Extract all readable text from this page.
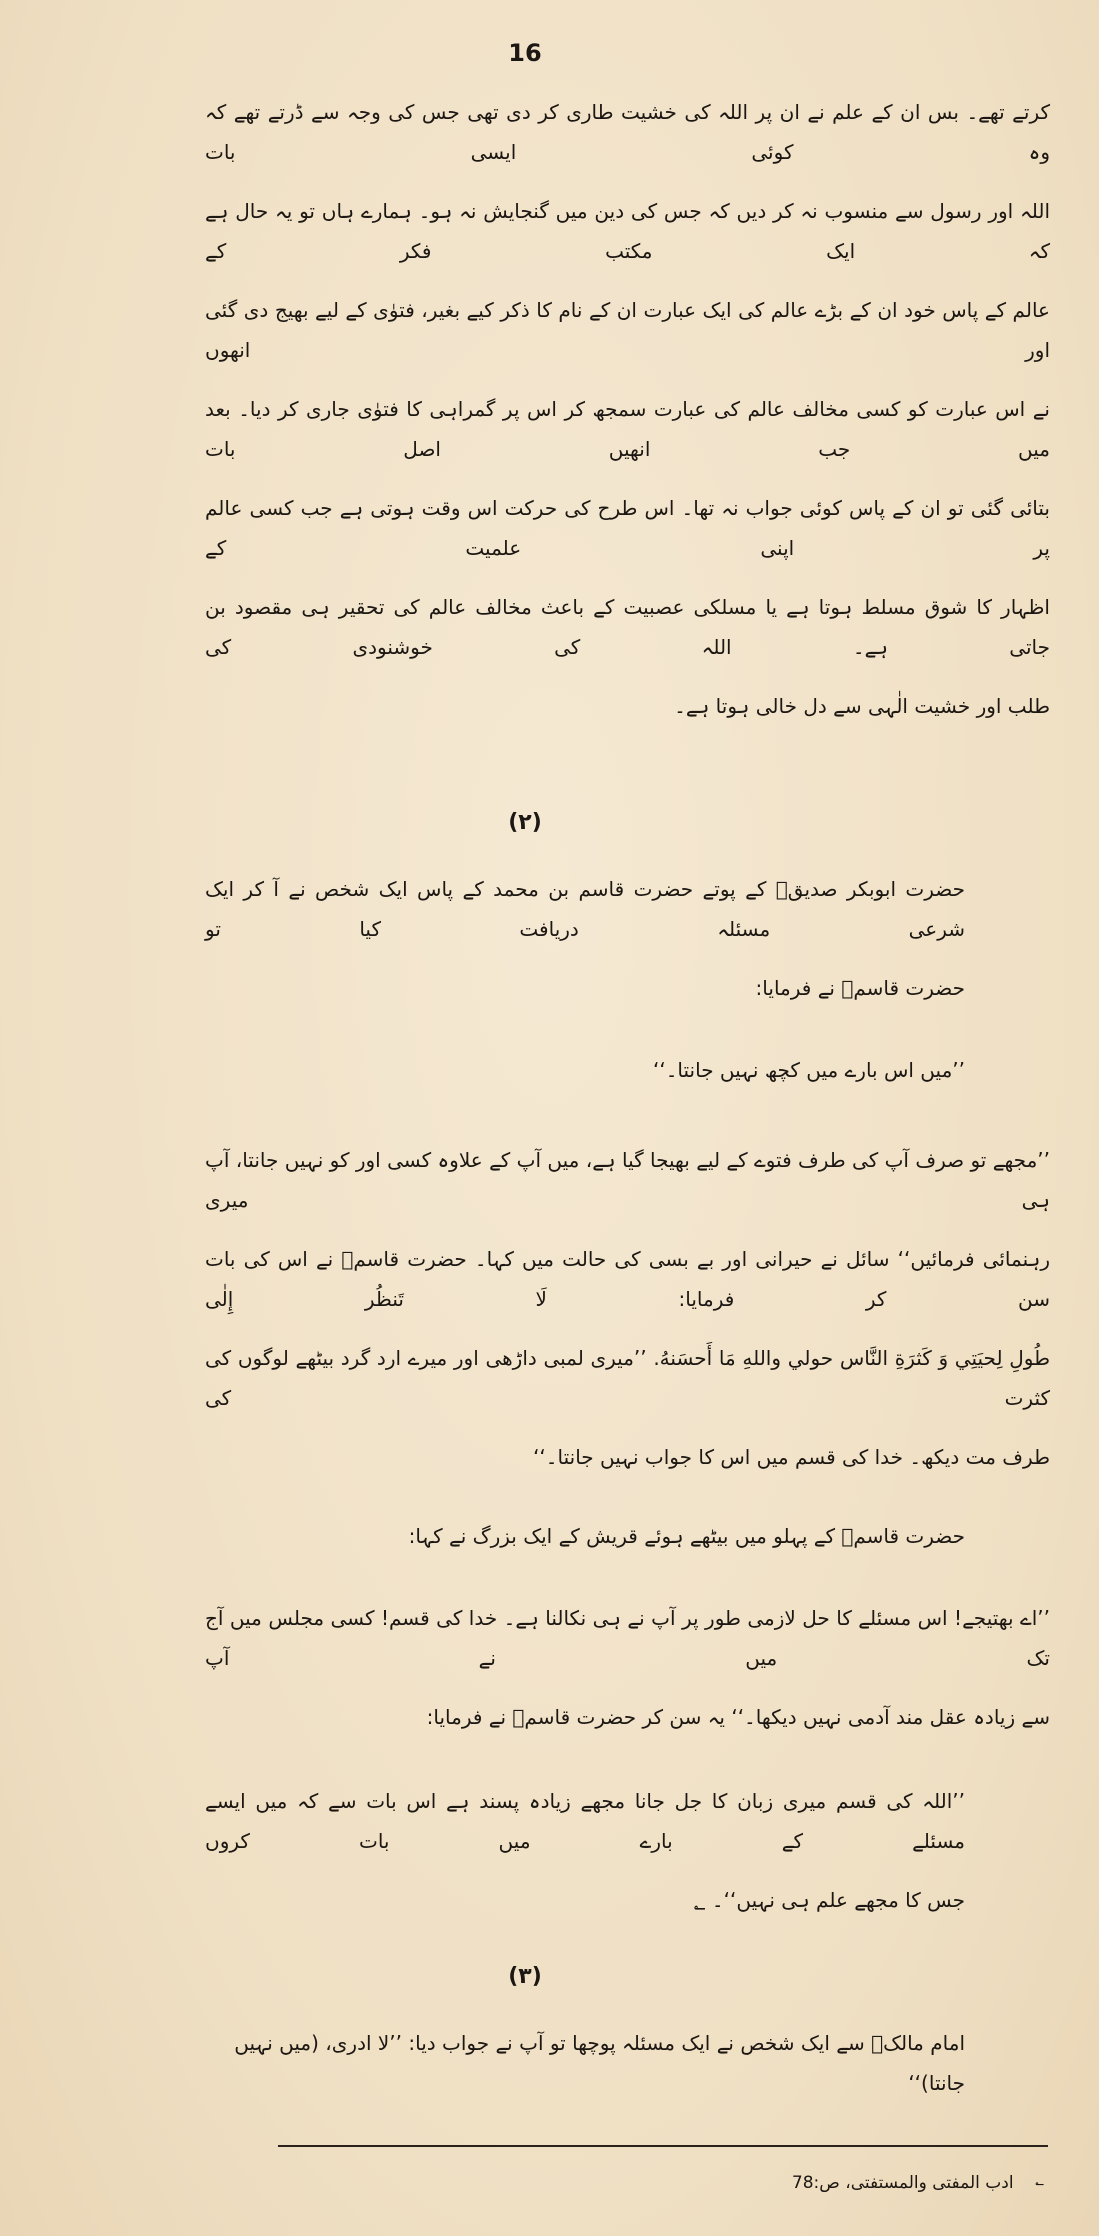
16
کرتے تھے۔ بس ان کے علم نے ان پر اللہ کی خشیت طاری کر دی تھی جس کی وجہ سے ڈرتے تھے کہ وہ کوئی ایسی بات
اللہ اور رسول سے منسوب نہ کر دیں کہ جس کی دین میں گنجایش نہ ہو۔ ہمارے ہاں تو یہ حال ہے کہ ایک مکتب فکر کے
عالم کے پاس خود ان کے بڑے عالم کی ایک عبارت ان کے نام کا ذکر کیے بغیر، فتوٰی کے لیے بھیج دی گئی اور انھوں
نے اس عبارت کو کسی مخالف عالم کی عبارت سمجھ کر اس پر گمراہی کا فتوٰی جاری کر دیا۔ بعد میں جب انھیں اصل بات
بتائی گئی تو ان کے پاس کوئی جواب نہ تھا۔ اس طرح کی حرکت اس وقت ہوتی ہے جب کسی عالم پر اپنی علمیت کے
اظہار کا شوق مسلط ہوتا ہے یا مسلکی عصبیت کے باعث مخالف عالم کی تحقیر ہی مقصود بن جاتی ہے۔ اللہ کی خوشنودی کی
طلب اور خشیت الٰہی سے دل خالی ہوتا ہے۔
(۲)
حضرت ابوبکر صدیقؓ کے پوتے حضرت قاسم بن محمد کے پاس ایک شخص نے آ کر ایک شرعی مسئلہ دریافت کیا تو
حضرت قاسمؒ نے فرمایا:
’’میں اس بارے میں کچھ نہیں جانتا۔‘‘
’’مجھے تو صرف آپ کی طرف فتوے کے لیے بھیجا گیا ہے، میں آپ کے علاوہ کسی اور کو نہیں جانتا، آپ ہی میری
رہنمائی فرمائیں‘‘ سائل نے حیرانی اور بے بسی کی حالت میں کہا۔ حضرت قاسمؒ نے اس کی بات سن کر فرمایا: لَا تَنظُر إِلٰی
طُولِ لِحيَتِي وَ كَثرَةِ النَّاس حولي واللهِ مَا أَحسَنهُ. ’’میری لمبی داڑھی اور میرے ارد گرد بیٹھے لوگوں کی کثرت کی
طرف مت دیکھ۔ خدا کی قسم میں اس کا جواب نہیں جانتا۔‘‘
حضرت قاسمؒ کے پہلو میں بیٹھے ہوئے قریش کے ایک بزرگ نے کہا:
’’اے بھتیجے! اس مسئلے کا حل لازمی طور پر آپ نے ہی نکالنا ہے۔ خدا کی قسم! کسی مجلس میں آج تک میں نے آپ
سے زیادہ عقل مند آدمی نہیں دیکھا۔‘‘ یہ سن کر حضرت قاسمؒ نے فرمایا:
’’اللہ کی قسم میری زبان کا جل جانا مجھے زیادہ پسند ہے اس بات سے کہ میں ایسے مسئلے کے بارے میں بات کروں
جس کا مجھے علم ہی نہیں‘‘۔ ؂
(۳)
امام مالکؒ سے ایک شخص نے ایک مسئلہ پوچھا تو آپ نے جواب دیا: ’’لا ادری، (میں نہیں جانتا)‘‘
؂    ادب المفتی والمستفتی، ص:78
